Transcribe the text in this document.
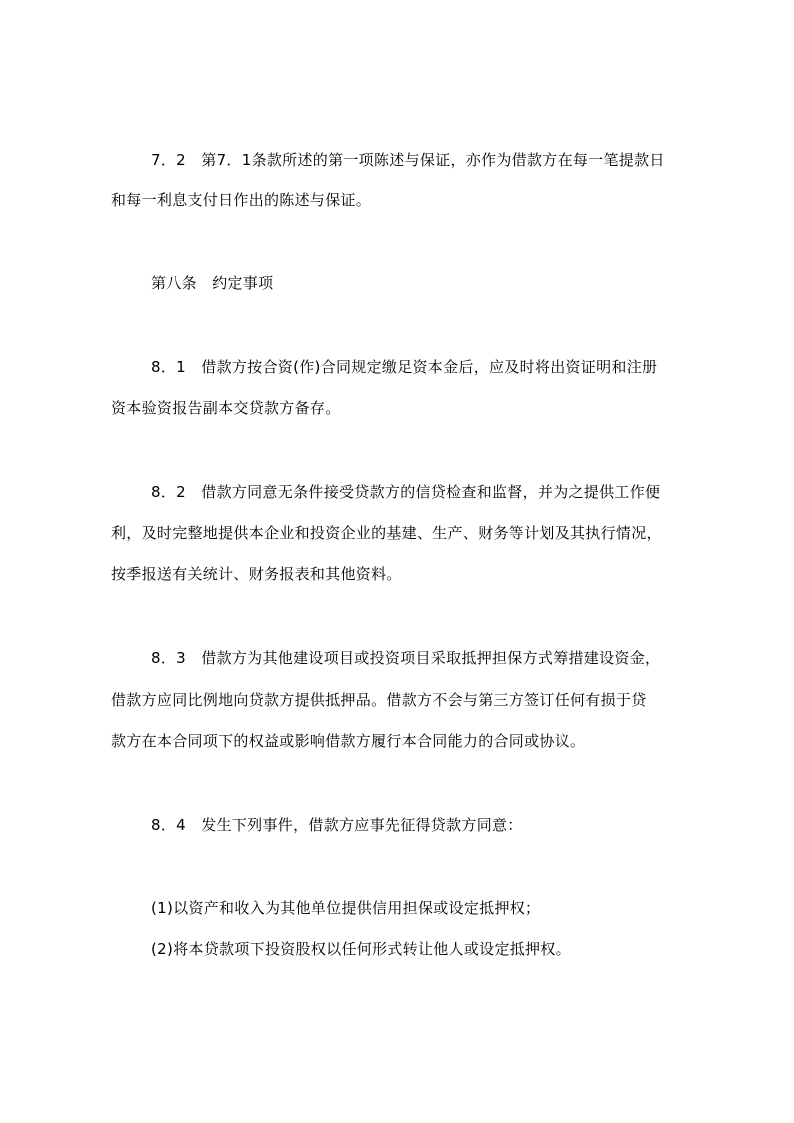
7．2　第7．1条款所述的第一项陈述与保证，亦作为借款方在每一笔提款日
和每一利息支付日作出的陈述与保证。
第八条　约定事项
8．1　借款方按合资(作)合同规定缴足资本金后，应及时将出资证明和注册
资本验资报告副本交贷款方备存。
8．2　借款方同意无条件接受贷款方的信贷检查和监督，并为之提供工作便
利，及时完整地提供本企业和投资企业的基建、生产、财务等计划及其执行情况，
按季报送有关统计、财务报表和其他资料。
8．3　借款方为其他建设项目或投资项目采取抵押担保方式筹措建设资金，
借款方应同比例地向贷款方提供抵押品。借款方不会与第三方签订任何有损于贷
款方在本合同项下的权益或影响借款方履行本合同能力的合同或协议。
8．4　发生下列事件，借款方应事先征得贷款方同意：
(1)以资产和收入为其他单位提供信用担保或设定抵押权；
(2)将本贷款项下投资股权以任何形式转让他人或设定抵押权。
